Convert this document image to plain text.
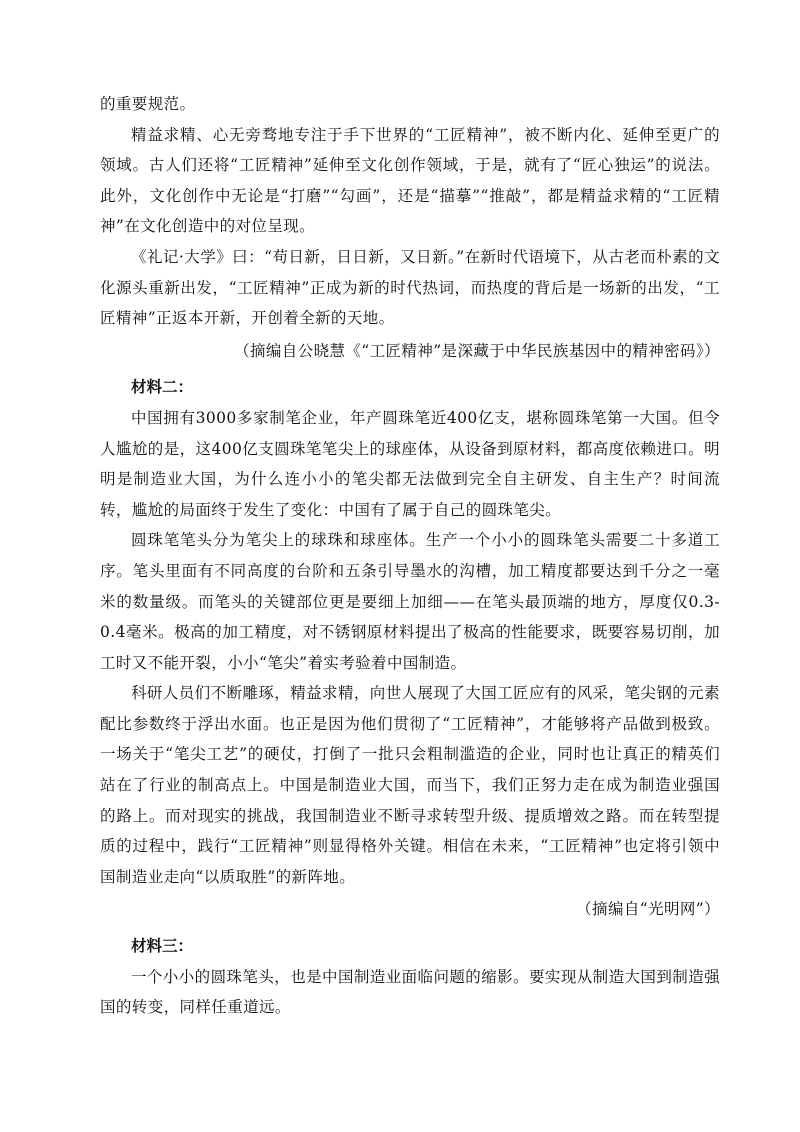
的重要规范。

精益求精、心无旁骛地专注于手下世界的“工匠精神”，被不断内化、延伸至更广的领域。古人们还将“工匠精神”延伸至文化创作领域，于是，就有了“匠心独运”的说法。此外，文化创作中无论是“打磨”“勾画”，还是“描摹”“推敲”，都是精益求精的“工匠精神”在文化创造中的对位呈现。

《礼记·大学》曰：“苟日新，日日新，又日新。”在新时代语境下，从古老而朴素的文化源头重新出发，“工匠精神”正成为新的时代热词，而热度的背后是一场新的出发，“工匠精神”正返本开新，开创着全新的天地。

（摘编自公晓慧《“工匠精神”是深藏于中华民族基因中的精神密码》）

材料二：

中国拥有3000多家制笔企业，年产圆珠笔近400亿支，堪称圆珠笔第一大国。但令人尴尬的是，这400亿支圆珠笔笔尖上的球座体，从设备到原材料，都高度依赖进口。明明是制造业大国，为什么连小小的笔尖都无法做到完全自主研发、自主生产？时间流转，尴尬的局面终于发生了变化：中国有了属于自己的圆珠笔尖。

圆珠笔笔头分为笔尖上的球珠和球座体。生产一个小小的圆珠笔头需要二十多道工序。笔头里面有不同高度的台阶和五条引导墨水的沟槽，加工精度都要达到千分之一毫米的数量级。而笔头的关键部位更是要细上加细——在笔头最顶端的地方，厚度仅0.3-0.4毫米。极高的加工精度，对不锈钢原材料提出了极高的性能要求，既要容易切削，加工时又不能开裂，小小“笔尖”着实考验着中国制造。

科研人员们不断雕琢，精益求精，向世人展现了大国工匠应有的风采，笔尖钢的元素配比参数终于浮出水面。也正是因为他们贯彻了“工匠精神”，才能够将产品做到极致。一场关于“笔尖工艺”的硬仗，打倒了一批只会粗制滥造的企业，同时也让真正的精英们站在了行业的制高点上。中国是制造业大国，而当下，我们正努力走在成为制造业强国的路上。而对现实的挑战，我国制造业不断寻求转型升级、提质增效之路。而在转型提质的过程中，践行“工匠精神”则显得格外关键。相信在未来，“工匠精神”也定将引领中国制造业走向“以质取胜”的新阵地。

（摘编自“光明网”）

材料三：

一个小小的圆珠笔头，也是中国制造业面临问题的缩影。要实现从制造大国到制造强国的转变，同样任重道远。
